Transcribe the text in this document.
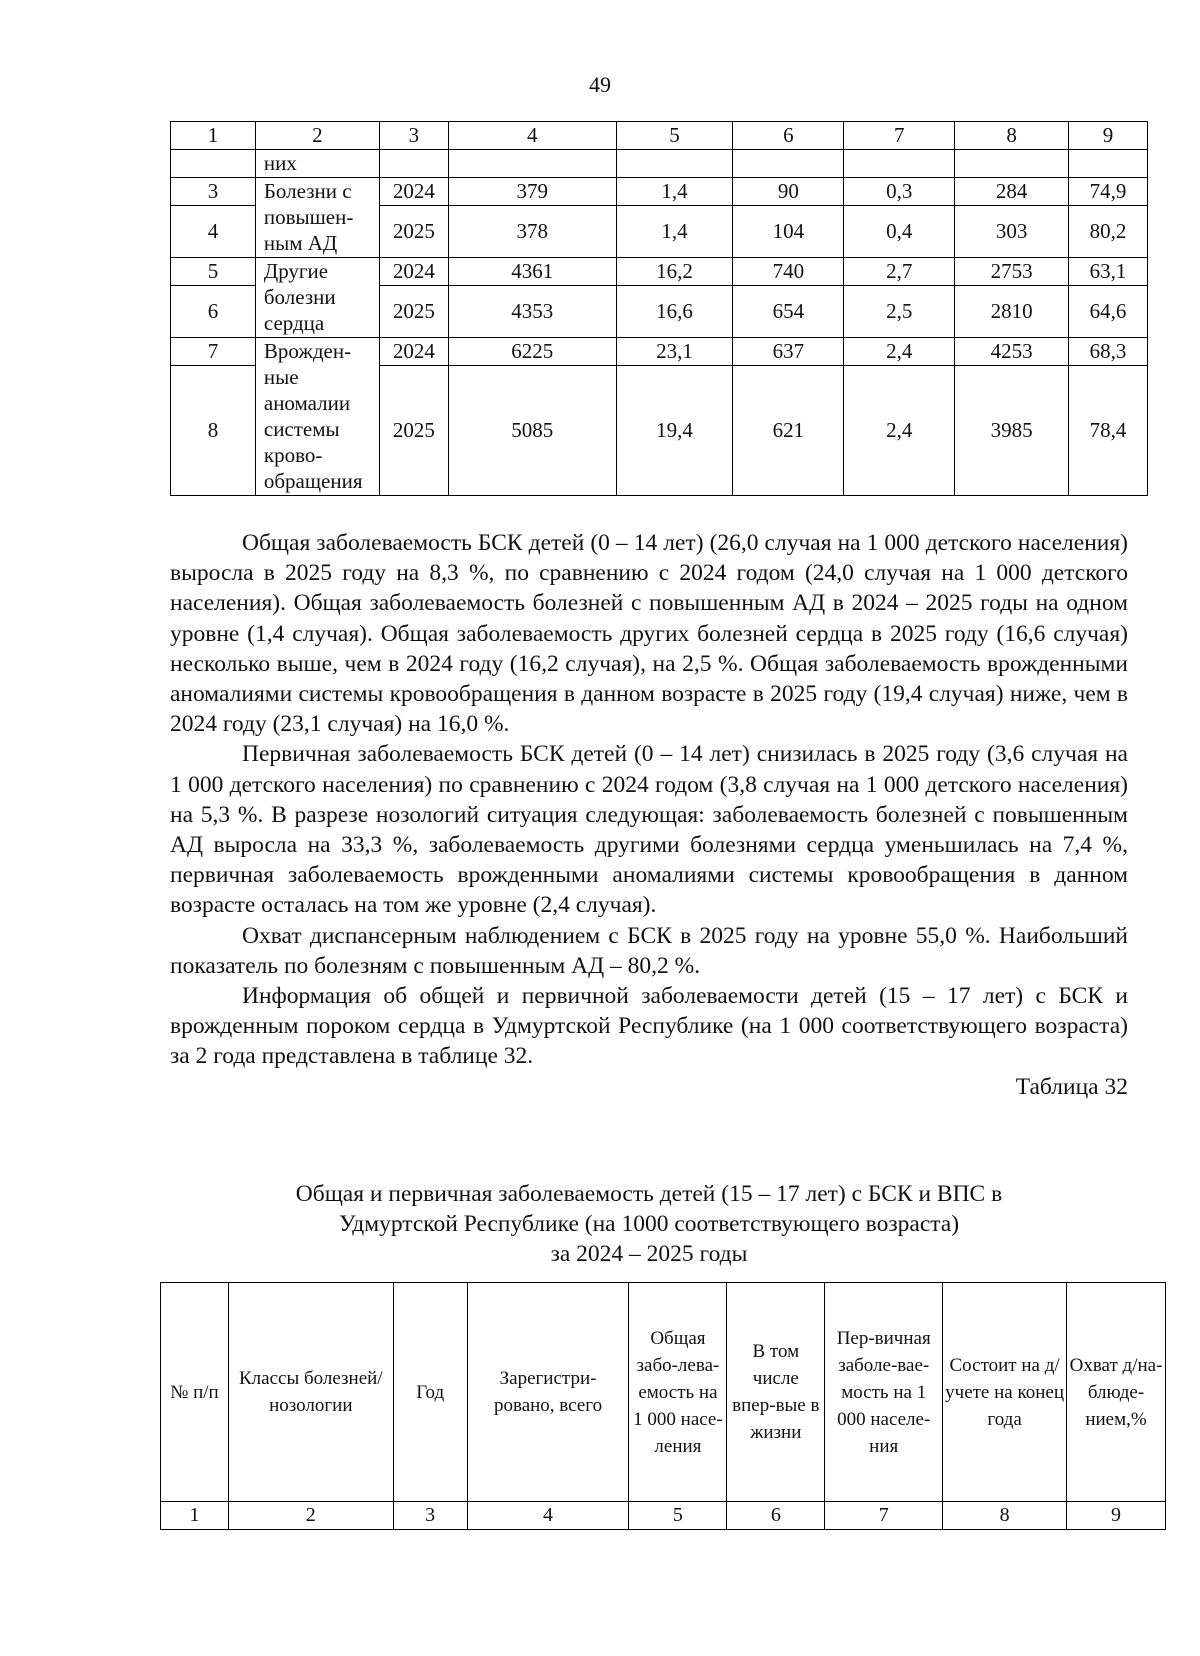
49
1	2	3	4	5	6	7	8	9
	них							
3	Болезни с повышен-ным АД	2024	379	1,4	90	0,3	284	74,9
4		2025	378	1,4	104	0,4	303	80,2
5	Другие болезни сердца	2024	4361	16,2	740	2,7	2753	63,1
6		2025	4353	16,6	654	2,5	2810	64,6
7	Врожден-ные аномалии системы крово-обращения	2024	6225	23,1	637	2,4	4253	68,3
8		2025	5085	19,4	621	2,4	3985	78,4

Общая заболеваемость БСК детей (0 – 14 лет) (26,0 случая на 1 000 детского населения) выросла в 2025 году на 8,3 %, по сравнению с 2024 годом (24,0 случая на 1 000 детского населения). Общая заболеваемость болезней с повышенным АД в 2024 – 2025 годы на одном уровне (1,4 случая). Общая заболеваемость других болезней сердца в 2025 году (16,6 случая) несколько выше, чем в 2024 году (16,2 случая), на 2,5 %. Общая заболеваемость врожденными аномалиями системы кровообращения в данном возрасте в 2025 году (19,4 случая) ниже, чем в 2024 году (23,1 случая) на 16,0 %.

Первичная заболеваемость БСК детей (0 – 14 лет) снизилась в 2025 году (3,6 случая на 1 000 детского населения) по сравнению с 2024 годом (3,8 случая на 1 000 детского населения) на 5,3 %. В разрезе нозологий ситуация следующая: заболеваемость болезней с повышенным АД выросла на 33,3 %, заболеваемость другими болезнями сердца уменьшилась на 7,4 %, первичная заболеваемость врожденными аномалиями системы кровообращения в данном возрасте осталась на том же уровне (2,4 случая).

Охват диспансерным наблюдением с БСК в 2025 году на уровне 55,0 %. Наибольший показатель по болезням с повышенным АД – 80,2 %.

Информация об общей и первичной заболеваемости детей (15 – 17 лет) с БСК и врожденным пороком сердца в Удмуртской Республике (на 1 000 соответствующего возраста) за 2 года представлена в таблице 32.

Таблица 32

Общая и первичная заболеваемость детей (15 – 17 лет) с БСК и ВПС в
Удмуртской Республике (на 1000 соответствующего возраста)
за 2024 – 2025 годы
№ п/п	Классы болезней/ нозологии	Год	Зарегистри-ровано, всего	Общая забо-лева-емость на 1 000 насе-ления	В том числе впер-вые в жизни	Пер-вичная заболе-вае-мость на 1 000 населе-ния	Состоит на д/учете на конец года	Охват д/на-блюде-нием,%
1	2	3	4	5	6	7	8	9
